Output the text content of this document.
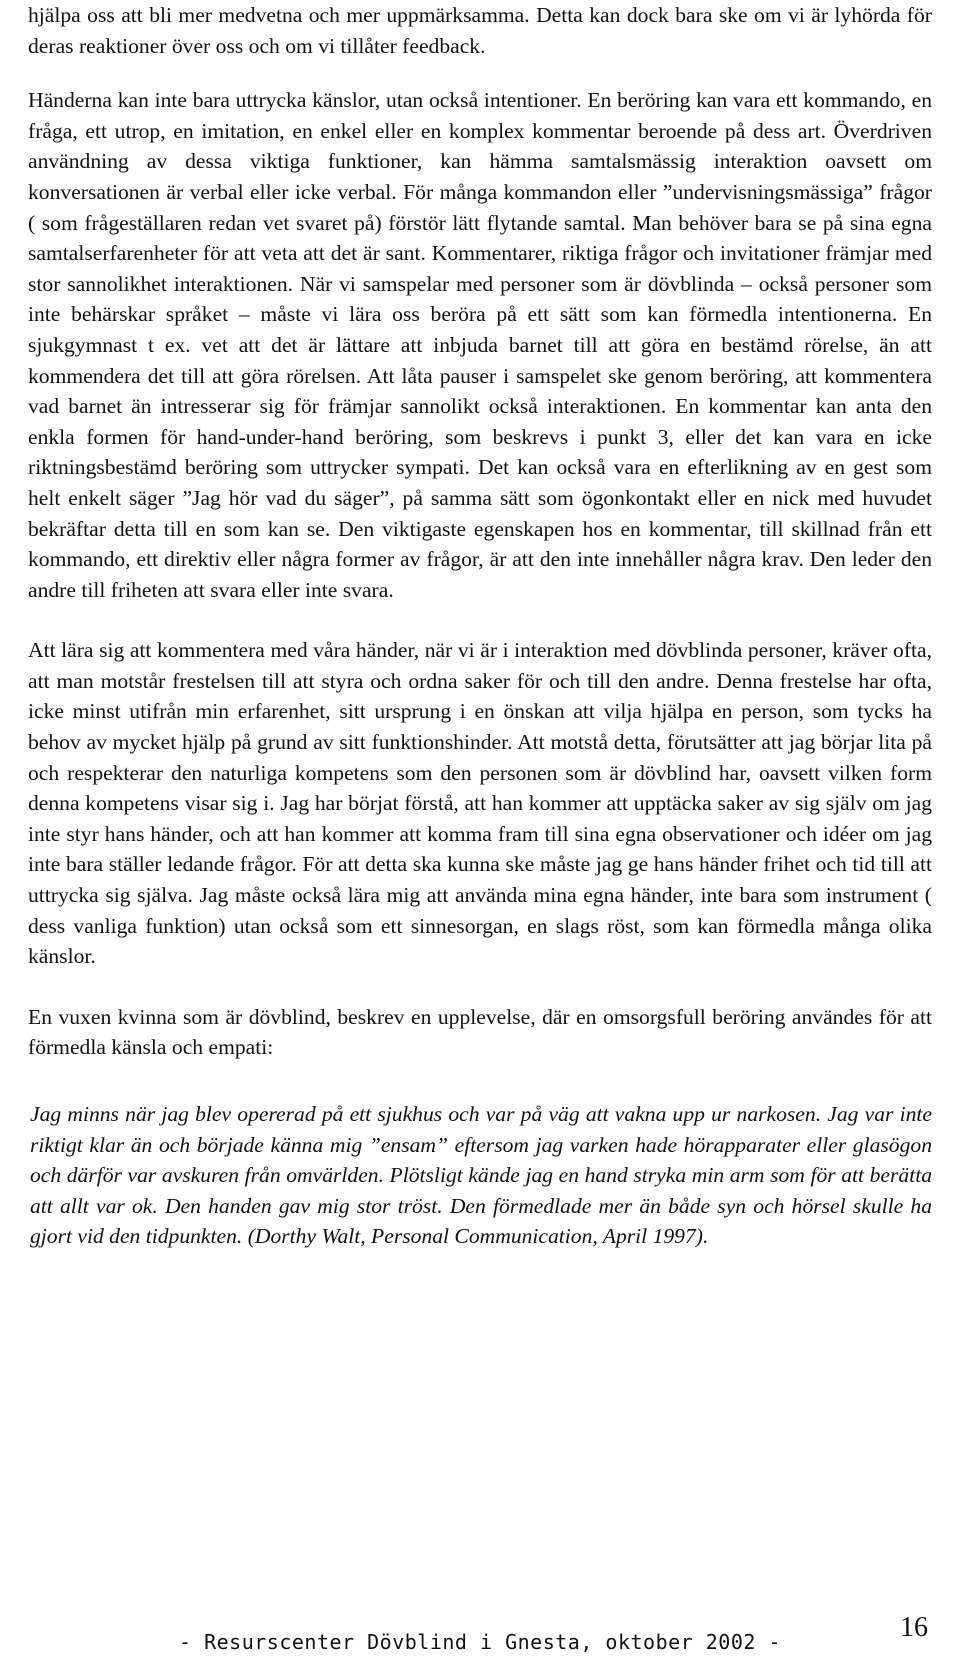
hjälpa oss att bli mer medvetna och mer uppmärksamma. Detta kan dock bara ske om vi är lyhörda för deras reaktioner över oss och om vi tillåter feedback.

Händerna kan inte bara uttrycka känslor, utan också intentioner. En beröring kan vara ett kommando, en fråga, ett utrop, en imitation, en enkel eller en komplex kommentar beroende på dess art. Överdriven användning av dessa viktiga funktioner, kan hämma samtalsmässig interaktion oavsett om konversationen är verbal eller icke verbal. För många kommandon eller ”undervisningsmässiga” frågor ( som frågeställaren redan vet svaret på) förstör lätt flytande samtal. Man behöver bara se på sina egna samtalserfarenheter för att veta att det är sant. Kommentarer, riktiga frågor och invitationer främjar med stor sannolikhet interaktionen. När vi samspelar med personer som är dövblinda – också personer som inte behärskar språket – måste vi lära oss beröra på ett sätt som kan förmedla intentionerna. En sjukgymnast t ex. vet att det är lättare att inbjuda barnet till att göra en bestämd rörelse, än att kommendera det till att göra rörelsen. Att låta pauser i samspelet ske genom beröring, att kommentera vad barnet än intresserar sig för främjar sannolikt också interaktionen. En kommentar kan anta den enkla formen för hand-under-hand beröring, som beskrevs i punkt 3, eller det kan vara en icke riktningsbestämd beröring som uttrycker sympati. Det kan också vara en efterlikning av en gest som helt enkelt säger ”Jag hör vad du säger”, på samma sätt som ögonkontakt eller en nick med huvudet bekräftar detta till en som kan se. Den viktigaste egenskapen hos en kommentar, till skillnad från ett kommando, ett direktiv eller några former av frågor, är att den inte innehåller några krav. Den leder den andre till friheten att svara eller inte svara.

Att lära sig att kommentera med våra händer, när vi är i interaktion med dövblinda personer, kräver ofta, att man motstår frestelsen till att styra och ordna saker för och till den andre. Denna frestelse har ofta, icke minst utifrån min erfarenhet, sitt ursprung i en önskan att vilja hjälpa en person, som tycks ha behov av mycket hjälp på grund av sitt funktionshinder. Att motstå detta, förutsätter att jag börjar lita på och respekterar den naturliga kompetens som den personen som är dövblind har, oavsett vilken form denna kompetens visar sig i. Jag har börjat förstå, att han kommer att upptäcka saker av sig själv om jag inte styr hans händer, och att han kommer att komma fram till sina egna observationer och idéer om jag inte bara ställer ledande frågor. För att detta ska kunna ske måste jag ge hans händer frihet och tid till att uttrycka sig själva. Jag måste också lära mig att använda mina egna händer, inte bara som instrument ( dess vanliga funktion) utan också som ett sinnesorgan, en slags röst, som kan förmedla många olika känslor.

En vuxen kvinna som är dövblind, beskrev en upplevelse, där en omsorgsfull beröring användes för att förmedla känsla och empati:

Jag minns när jag blev opererad på ett sjukhus och var på väg att vakna upp ur narkosen. Jag var inte riktigt klar än och började känna mig ”ensam” eftersom jag varken hade hörapparater eller glasögon och därför var avskuren från omvärlden. Plötsligt kände jag en hand stryka min arm som för att berätta att allt var ok. Den handen gav mig stor tröst. Den förmedlade mer än både syn och hörsel skulle ha gjort vid den tidpunkten. (Dorthy Walt, Personal Communication, April 1997).

- Resurscenter Dövblind i Gnesta, oktober 2002 -	16
